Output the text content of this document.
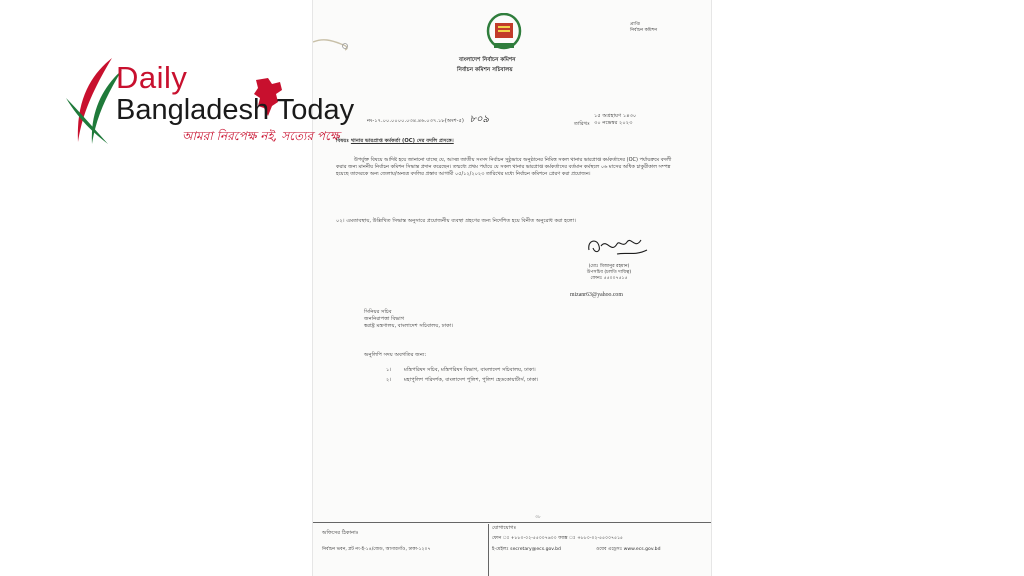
প্রাপ্তি
নিৰ্বাচন কমিশন
বাংলাদেশ নির্বাচন কমিশন
নির্বাচন কমিশন সচিবালয়
নং-১৭.০০.০০০০.০৩৪.৪৬.০৩৭.১৮(অংশ-৫) ৮০৯	তারিখঃ
১৫ অগ্রহায়ণ ১৪৩০
৩০ নভেম্বর ২০২৩
বিষয়ঃ থানার ভারপ্রাপ্ত কর্মকর্তা (OC) দের বদলি প্রসঙ্গে।
উপর্যুক্ত বিষয়ে আদিষ্ট হয়ে জানানো যাচ্ছে যে, আসন্ন জাতীয় সংসদ নির্বাচন সুষ্ঠুভাবে অনুষ্ঠানের নিমিত্ত সকল থানার ভারপ্রাপ্ত কর্মকর্তাদের (OC) পর্যায়ক্রমে বদলী করার জন্য মাননীয় নির্বাচন কমিশন সিদ্ধান্ত প্রদান করেছেন। তন্মধ্যে প্রথম পর্যায়ে যে সকল থানার ভারপ্রাপ্ত কর্মকর্তাদের বর্তমান কর্মস্থলে ০৬ মাসের অধিক চাকুরীকাল সম্পন্ন হয়েছে তাদেরকে অন্য জেলায়/অন্যত্র বদলির প্রস্তাব আগামী ০৫/১২/২০২৩ তারিখের মধ্যে নির্বাচন কমিশনে প্রেরণ করা প্রয়োজন।
০২। এমতাবস্থায়, উল্লিখিত সিদ্ধান্ত অনুসারে প্রয়োজনীয় ব্যবস্থা গ্রহণের জন্য নির্দেশিত হয়ে বিনীত অনুরোধ করা হলো।
(মোঃ মিজানুর রহমান)
উপসচিব (চলতি দায়িত্ব)
ফোনঃ ৫৫০০৭৫১৫
mizanr63@yahoo.com
সিনিয়র সচিব
জননিরাপত্তা বিভাগ
স্বরাষ্ট্র মন্ত্রণালয়, বাংলাদেশ সচিবালয়, ঢাকা।
অনুলিপি সদয় অবগতির জন্য:
১। মন্ত্রিপরিষদ সচিব, মন্ত্রিপরিষদ বিভাগ, বাংলাদেশ সচিবালয়, ঢাকা।
২। মহাপুলিশ পরিদর্শক, বাংলাদেশ পুলিশ, পুলিশ হেডকোয়ার্টার্স, ঢাকা।
৩৮
অফিসের ঠিকানাঃ
নির্বাচন ভবন, প্লট নং-ই-১৪/জেড, আগারগাঁও, ঢাকা-১২০৭
যোগাযোগঃ
ফোন ঃ +৮৮০-০২-৫৫০০৭৬০০ ফ্যাক্স ঃ +৮৮০-০২-৫৫০০৭৫১৫
ই-মেইলঃ secretary@ecs.gov.bd	ওয়েব এড্রেসঃ www.ecs.gov.bd
Daily
Bangladesh Today
আমরা নিরপেক্ষ নই, সত্যের পক্ষে
